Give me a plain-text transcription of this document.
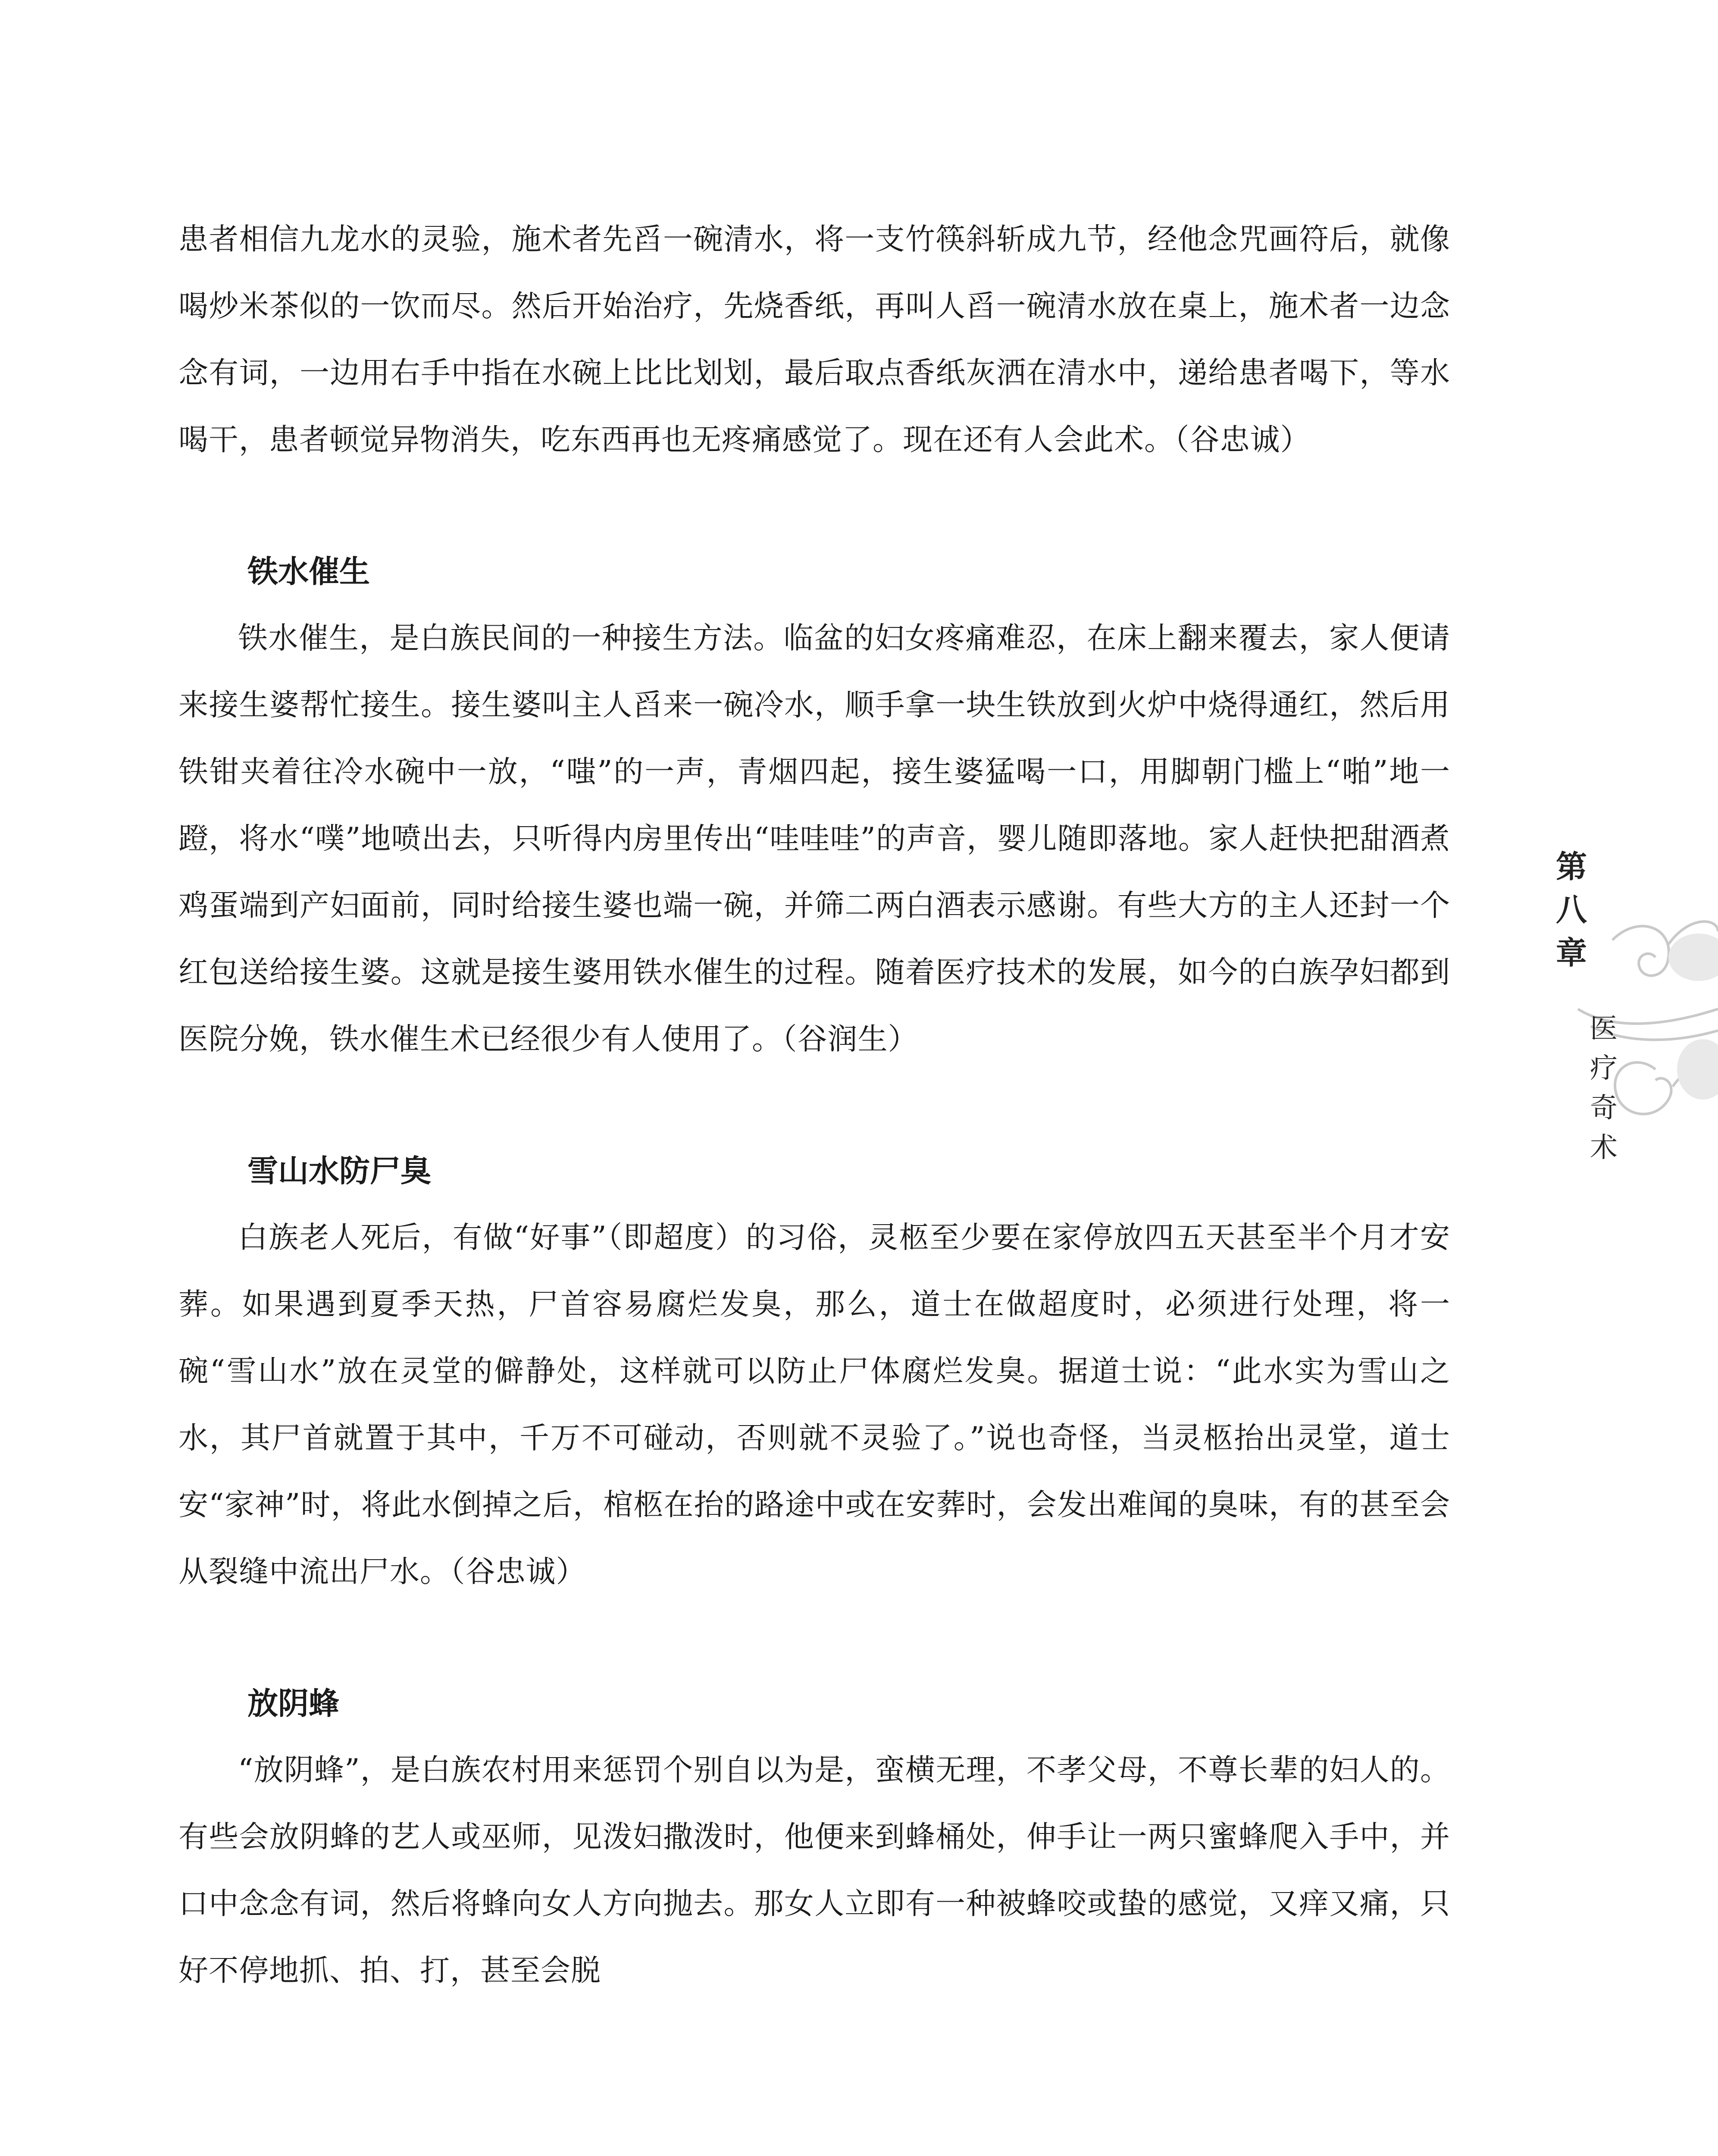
患者相信九龙水的灵验，施术者先舀一碗清水，将一支竹筷斜斩成九节，经他念咒画符后，就像喝炒米茶似的一饮而尽。然后开始治疗，先烧香纸，再叫人舀一碗清水放在桌上，施术者一边念念有词，一边用右手中指在水碗上比比划划，最后取点香纸灰洒在清水中，递给患者喝下，等水喝干，患者顿觉异物消失，吃东西再也无疼痛感觉了。现在还有人会此术。（谷忠诚）

铁水催生

铁水催生，是白族民间的一种接生方法。临盆的妇女疼痛难忍，在床上翻来覆去，家人便请来接生婆帮忙接生。接生婆叫主人舀来一碗冷水，顺手拿一块生铁放到火炉中烧得通红，然后用铁钳夹着往冷水碗中一放，“嗤”的一声，青烟四起，接生婆猛喝一口，用脚朝门槛上“啪”地一蹬，将水“噗”地喷出去，只听得内房里传出“哇哇哇”的声音，婴儿随即落地。家人赶快把甜酒煮鸡蛋端到产妇面前，同时给接生婆也端一碗，并筛二两白酒表示感谢。有些大方的主人还封一个红包送给接生婆。这就是接生婆用铁水催生的过程。随着医疗技术的发展，如今的白族孕妇都到医院分娩，铁水催生术已经很少有人使用了。（谷润生）

雪山水防尸臭

白族老人死后，有做“好事”（即超度）的习俗，灵柩至少要在家停放四五天甚至半个月才安葬。如果遇到夏季天热，尸首容易腐烂发臭，那么，道士在做超度时，必须进行处理，将一碗“雪山水”放在灵堂的僻静处，这样就可以防止尸体腐烂发臭。据道士说：“此水实为雪山之水，其尸首就置于其中，千万不可碰动，否则就不灵验了。”说也奇怪，当灵柩抬出灵堂，道士安“家神”时，将此水倒掉之后，棺柩在抬的路途中或在安葬时，会发出难闻的臭味，有的甚至会从裂缝中流出尸水。（谷忠诚）

放阴蜂

“放阴蜂”，是白族农村用来惩罚个别自以为是，蛮横无理，不孝父母，不尊长辈的妇人的。有些会放阴蜂的艺人或巫师，见泼妇撒泼时，他便来到蜂桶处，伸手让一两只蜜蜂爬入手中，并口中念念有词，然后将蜂向女人方向抛去。那女人立即有一种被蜂咬或蛰的感觉，又痒又痛，只好不停地抓、拍、打，甚至会脱

第
八
章
医
疗
奇
术
